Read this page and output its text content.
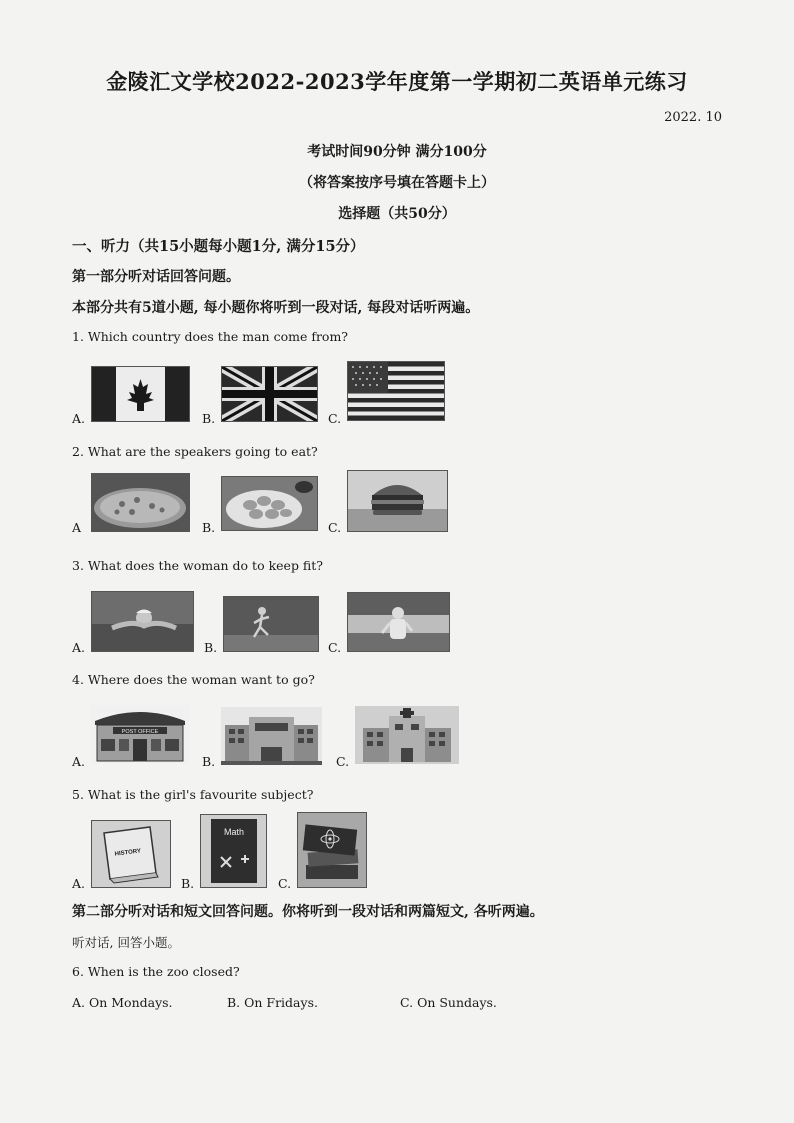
金陵汇文学校2022-2023学年度第一学期初二英语单元练习
2022. 10
考试时间90分钟 满分100分
（将答案按序号填在答题卡上）
选择题（共50分）
一、听力（共15小题每小题1分, 满分15分）
第一部分听对话回答问题。
本部分共有5道小题, 每小题你将听到一段对话, 每段对话听两遍。
1. Which country does the man come from?
A.	B.	C.
2. What are the speakers going to eat?
A	B.	C.
3. What does the woman do to keep fit?
A.	B.	C.
4. Where does the woman want to go?
A.
POST OFFICE
B.	C.
5. What is the girl's favourite subject?
A.
HISTORY
B.
Math
C.
第二部分听对话和短文回答问题。你将听到一段对话和两篇短文, 各听两遍。
听对话, 回答小题。
6. When is the zoo closed?
A. On Mondays.	B. On Fridays.	C. On Sundays.
